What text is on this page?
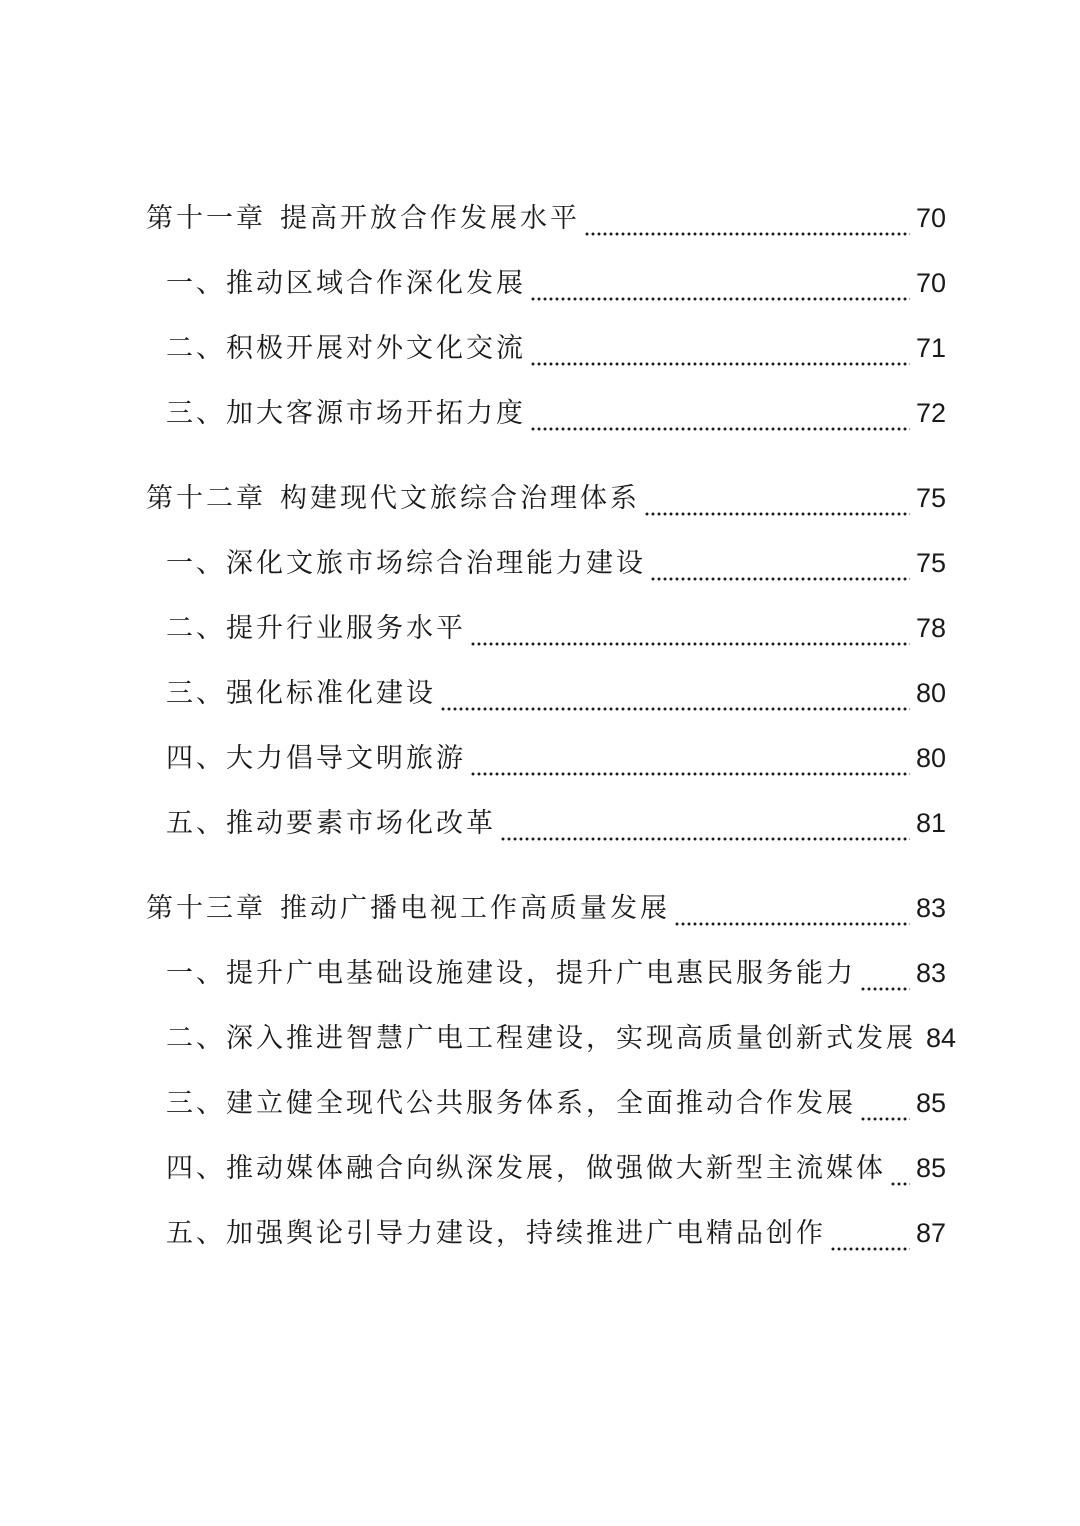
第十一章 提高开放合作发展水平	70
一、推动区域合作深化发展	70
二、积极开展对外文化交流	71
三、加大客源市场开拓力度	72
第十二章 构建现代文旅综合治理体系	75
一、深化文旅市场综合治理能力建设	75
二、提升行业服务水平	78
三、强化标准化建设	80
四、大力倡导文明旅游	80
五、推动要素市场化改革	81
第十三章 推动广播电视工作高质量发展	83
一、提升广电基础设施建设，提升广电惠民服务能力 83
二、深入推进智慧广电工程建设，实现高质量创新式发展 84
三、建立健全现代公共服务体系，全面推动合作发展 85
四、推动媒体融合向纵深发展，做强做大新型主流媒体 85
五、加强舆论引导力建设，持续推进广电精品创作	87
